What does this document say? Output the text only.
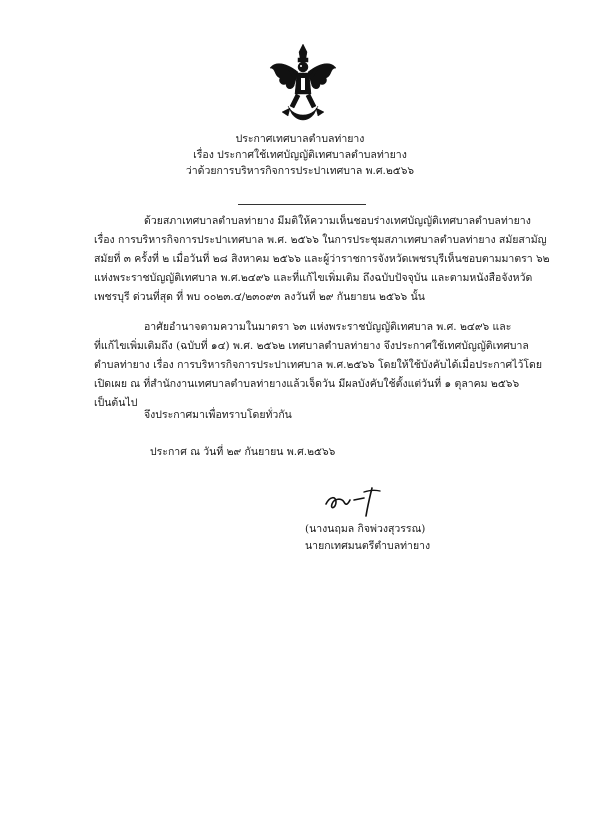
ประกาศเทศบาลตำบลท่ายาง
เรื่อง ประกาศใช้เทศบัญญัติเทศบาลตำบลท่ายาง
ว่าด้วยการบริหารกิจการประปาเทศบาล พ.ศ.๒๕๖๖
ด้วยสภาเทศบาลตำบลท่ายาง มีมติให้ความเห็นชอบร่างเทศบัญญัติเทศบาลตำบลท่ายาง
เรื่อง การบริหารกิจการประปาเทศบาล พ.ศ. ๒๕๖๖ ในการประชุมสภาเทศบาลตำบลท่ายาง สมัยสามัญ
สมัยที่ ๓ ครั้งที่ ๒ เมื่อวันที่ ๒๘ สิงหาคม ๒๕๖๖ และผู้ว่าราชการจังหวัดเพชรบุรีเห็นชอบตามมาตรา ๖๒
แห่งพระราชบัญญัติเทศบาล พ.ศ.๒๔๙๖ และที่แก้ไขเพิ่มเติม ถึงฉบับปัจจุบัน และตามหนังสือจังหวัด
เพชรบุรี ด่วนที่สุด ที่ พบ ๐๐๒๓.๔/๒๓๐๙๓ ลงวันที่ ๒๙ กันยายน ๒๕๖๖ นั้น
อาศัยอำนาจตามความในมาตรา ๖๓ แห่งพระราชบัญญัติเทศบาล พ.ศ. ๒๔๙๖ และ
ที่แก้ไขเพิ่มเติมถึง (ฉบับที่ ๑๔) พ.ศ. ๒๕๖๒ เทศบาลตำบลท่ายาง จึงประกาศใช้เทศบัญญัติเทศบาล
ตำบลท่ายาง เรื่อง การบริหารกิจการประปาเทศบาล พ.ศ.๒๕๖๖ โดยให้ใช้บังคับได้เมื่อประกาศไว้โดย
เปิดเผย ณ ที่สำนักงานเทศบาลตำบลท่ายางแล้วเจ็ดวัน มีผลบังคับใช้ตั้งแต่วันที่ ๑ ตุลาคม ๒๕๖๖
เป็นต้นไป
จึงประกาศมาเพื่อทราบโดยทั่วกัน
ประกาศ ณ วันที่ ๒๙ กันยายน พ.ศ.๒๕๖๖
(นางนฤมล กิจพ่วงสุวรรณ)
นายกเทศมนตรีตำบลท่ายาง
